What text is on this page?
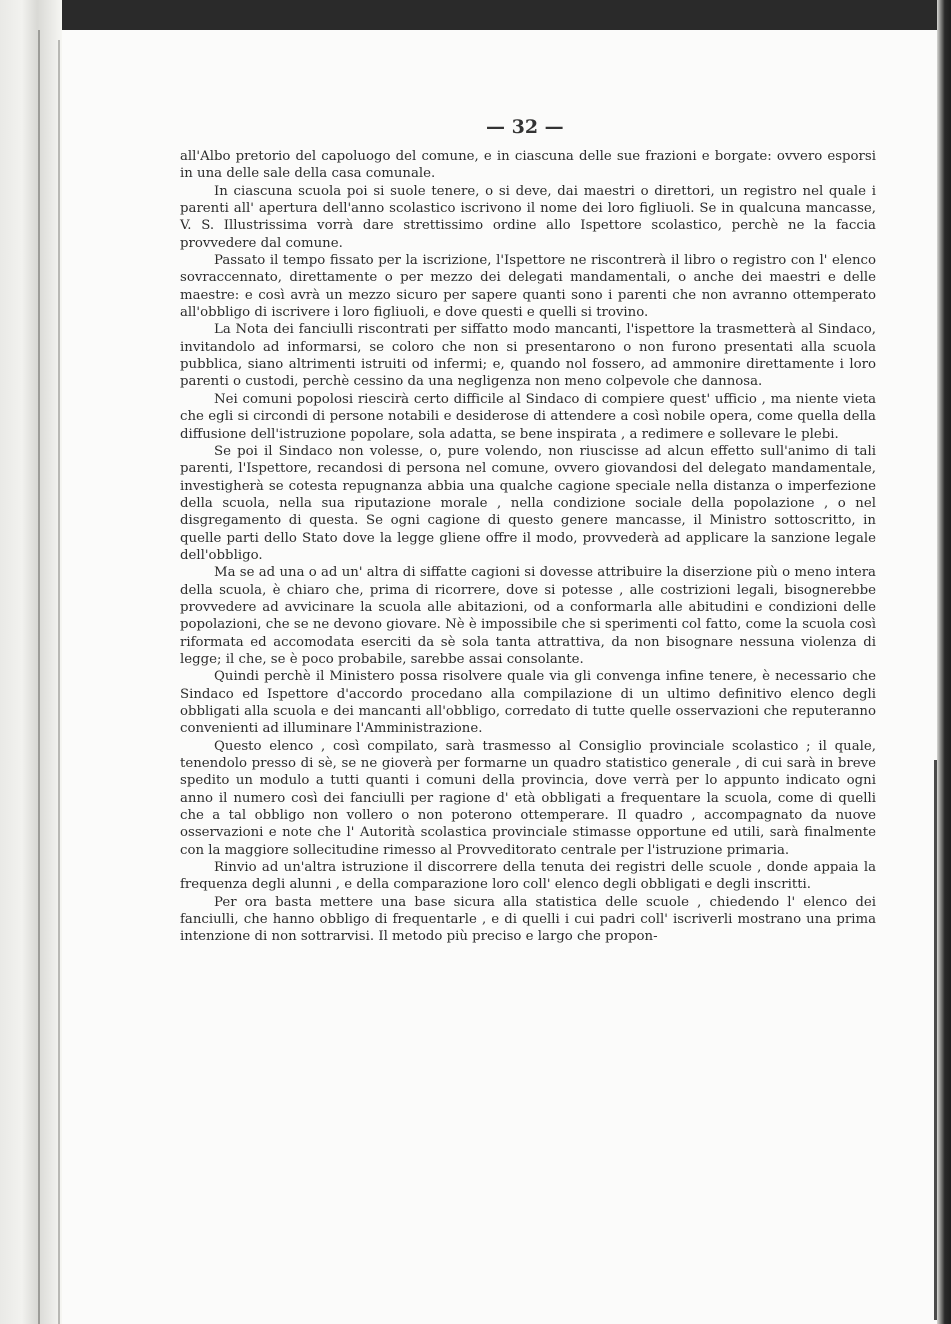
— 32 —

all'Albo pretorio del capoluogo del comune, e in ciascuna delle sue frazioni e borgate: ovvero esporsi in una delle sale della casa comunale.

In ciascuna scuola poi si suole tenere, o si deve, dai maestri o direttori, un registro nel quale i parenti all' apertura dell'anno scolastico iscrivono il nome dei loro figliuoli. Se in qualcuna mancasse, V. S. Illustrissima vorrà dare strettissimo ordine allo Ispettore scolastico, perchè ne la faccia provvedere dal comune.

Passato il tempo fissato per la iscrizione, l'Ispettore ne riscontrerà il libro o registro con l' elenco sovraccennato, direttamente o per mezzo dei delegati mandamentali, o anche dei maestri e delle maestre: e così avrà un mezzo sicuro per sapere quanti sono i parenti che non avranno ottemperato all'obbligo di iscrivere i loro figliuoli, e dove questi e quelli si trovino.

La Nota dei fanciulli riscontrati per siffatto modo mancanti, l'ispettore la trasmetterà al Sindaco, invitandolo ad informarsi, se coloro che non si presentarono o non furono presentati alla scuola pubblica, siano altrimenti istruiti od infermi; e, quando nol fossero, ad ammonire direttamente i loro parenti o custodi, perchè cessino da una negligenza non meno colpevole che dannosa.

Nei comuni popolosi riescirà certo difficile al Sindaco di compiere quest' ufficio , ma niente vieta che egli si circondi di persone notabili e desiderose di attendere a così nobile opera, come quella della diffusione dell'istruzione popolare, sola adatta, se bene inspirata , a redimere e sollevare le plebi.

Se poi il Sindaco non volesse, o, pure volendo, non riuscisse ad alcun effetto sull'animo di tali parenti, l'Ispettore, recandosi di persona nel comune, ovvero giovandosi del delegato mandamentale, investigherà se cotesta repugnanza abbia una qualche cagione speciale nella distanza o imperfezione della scuola, nella sua riputazione morale , nella condizione sociale della popolazione , o nel disgregamento di questa. Se ogni cagione di questo genere mancasse, il Ministro sottoscritto, in quelle parti dello Stato dove la legge gliene offre il modo, provvederà ad applicare la sanzione legale dell'obbligo.

Ma se ad una o ad un' altra di siffatte cagioni si dovesse attribuire la diserzione più o meno intera della scuola, è chiaro che, prima di ricorrere, dove si potesse , alle costrizioni legali, bisognerebbe provvedere ad avvicinare la scuola alle abitazioni, od a conformarla alle abitudini e condizioni delle popolazioni, che se ne devono giovare. Nè è impossibile che si sperimenti col fatto, come la scuola così riformata ed accomodata eserciti da sè sola tanta attrattiva, da non bisognare nessuna violenza di legge; il che, se è poco probabile, sarebbe assai consolante.

Quindi perchè il Ministero possa risolvere quale via gli convenga infine tenere, è necessario che Sindaco ed Ispettore d'accordo procedano alla compilazione di un ultimo definitivo elenco degli obbligati alla scuola e dei mancanti all'obbligo, corredato di tutte quelle osservazioni che reputeranno convenienti ad illuminare l'Amministrazione.

Questo elenco , così compilato, sarà trasmesso al Consiglio provinciale scolastico ; il quale, tenendolo presso di sè, se ne gioverà per formarne un quadro statistico generale , di cui sarà in breve spedito un modulo a tutti quanti i comuni della provincia, dove verrà per lo appunto indicato ogni anno il numero così dei fanciulli per ragione d' età obbligati a frequentare la scuola, come di quelli che a tal obbligo non vollero o non poterono ottemperare. Il quadro , accompagnato da nuove osservazioni e note che l' Autorità scolastica provinciale stimasse opportune ed utili, sarà finalmente con la maggiore sollecitudine rimesso al Provveditorato centrale per l'istruzione primaria.

Rinvio ad un'altra istruzione il discorrere della tenuta dei registri delle scuole , donde appaia la frequenza degli alunni , e della comparazione loro coll' elenco degli obbligati e degli inscritti.

Per ora basta mettere una base sicura alla statistica delle scuole , chiedendo l' elenco dei fanciulli, che hanno obbligo di frequentarle , e di quelli i cui padri coll' iscriverli mostrano una prima intenzione di non sottrarvisi. Il metodo più preciso e largo che propon-
